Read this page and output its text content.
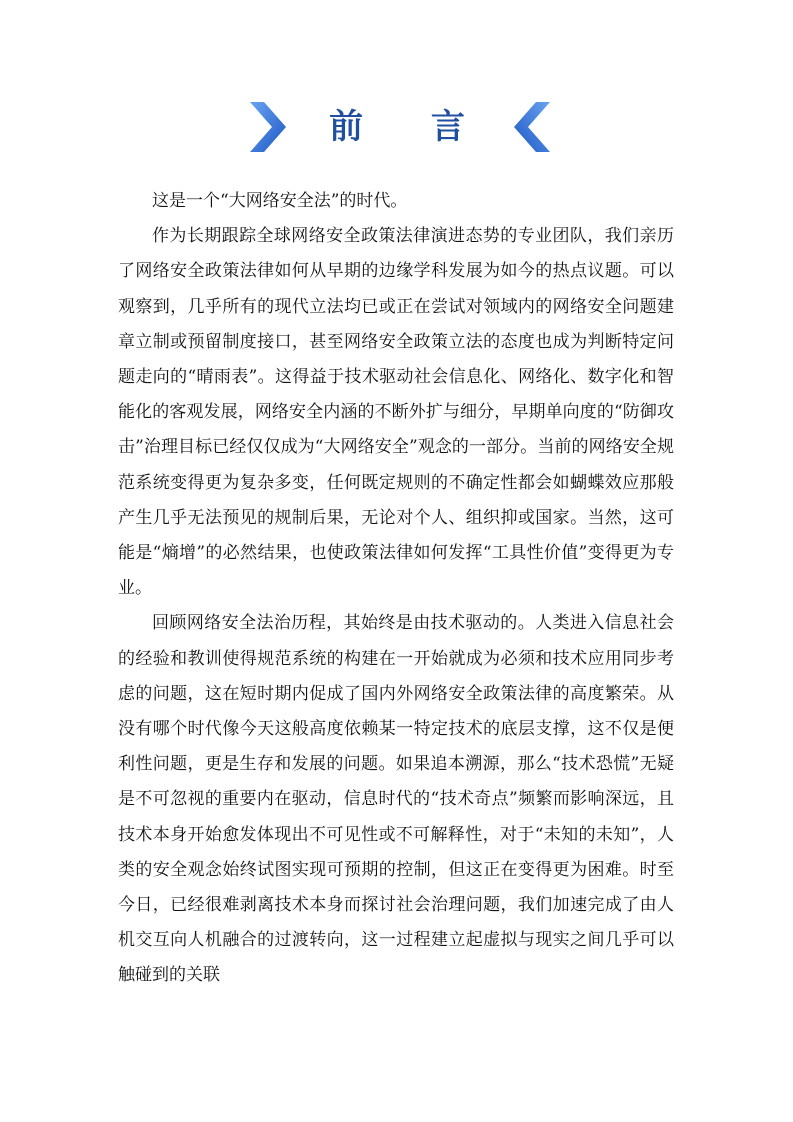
前 言

这是一个“大网络安全法”的时代。

作为长期跟踪全球网络安全政策法律演进态势的专业团队，我们亲历了网络安全政策法律如何从早期的边缘学科发展为如今的热点议题。可以观察到，几乎所有的现代立法均已或正在尝试对领域内的网络安全问题建章立制或预留制度接口，甚至网络安全政策立法的态度也成为判断特定问题走向的“晴雨表”。这得益于技术驱动社会信息化、网络化、数字化和智能化的客观发展，网络安全内涵的不断外扩与细分，早期单向度的“防御攻击”治理目标已经仅仅成为“大网络安全”观念的一部分。当前的网络安全规范系统变得更为复杂多变，任何既定规则的不确定性都会如蝴蝶效应那般产生几乎无法预见的规制后果，无论对个人、组织抑或国家。当然，这可能是“熵增”的必然结果，也使政策法律如何发挥“工具性价值”变得更为专业。

回顾网络安全法治历程，其始终是由技术驱动的。人类进入信息社会的经验和教训使得规范系统的构建在一开始就成为必须和技术应用同步考虑的问题，这在短时期内促成了国内外网络安全政策法律的高度繁荣。从没有哪个时代像今天这般高度依赖某一特定技术的底层支撑，这不仅是便利性问题，更是生存和发展的问题。如果追本溯源，那么“技术恐慌”无疑是不可忽视的重要内在驱动，信息时代的“技术奇点”频繁而影响深远，且技术本身开始愈发体现出不可见性或不可解释性，对于“未知的未知”，人类的安全观念始终试图实现可预期的控制，但这正在变得更为困难。时至今日，已经很难剥离技术本身而探讨社会治理问题，我们加速完成了由人机交互向人机融合的过渡转向，这一过程建立起虚拟与现实之间几乎可以触碰到的关联
